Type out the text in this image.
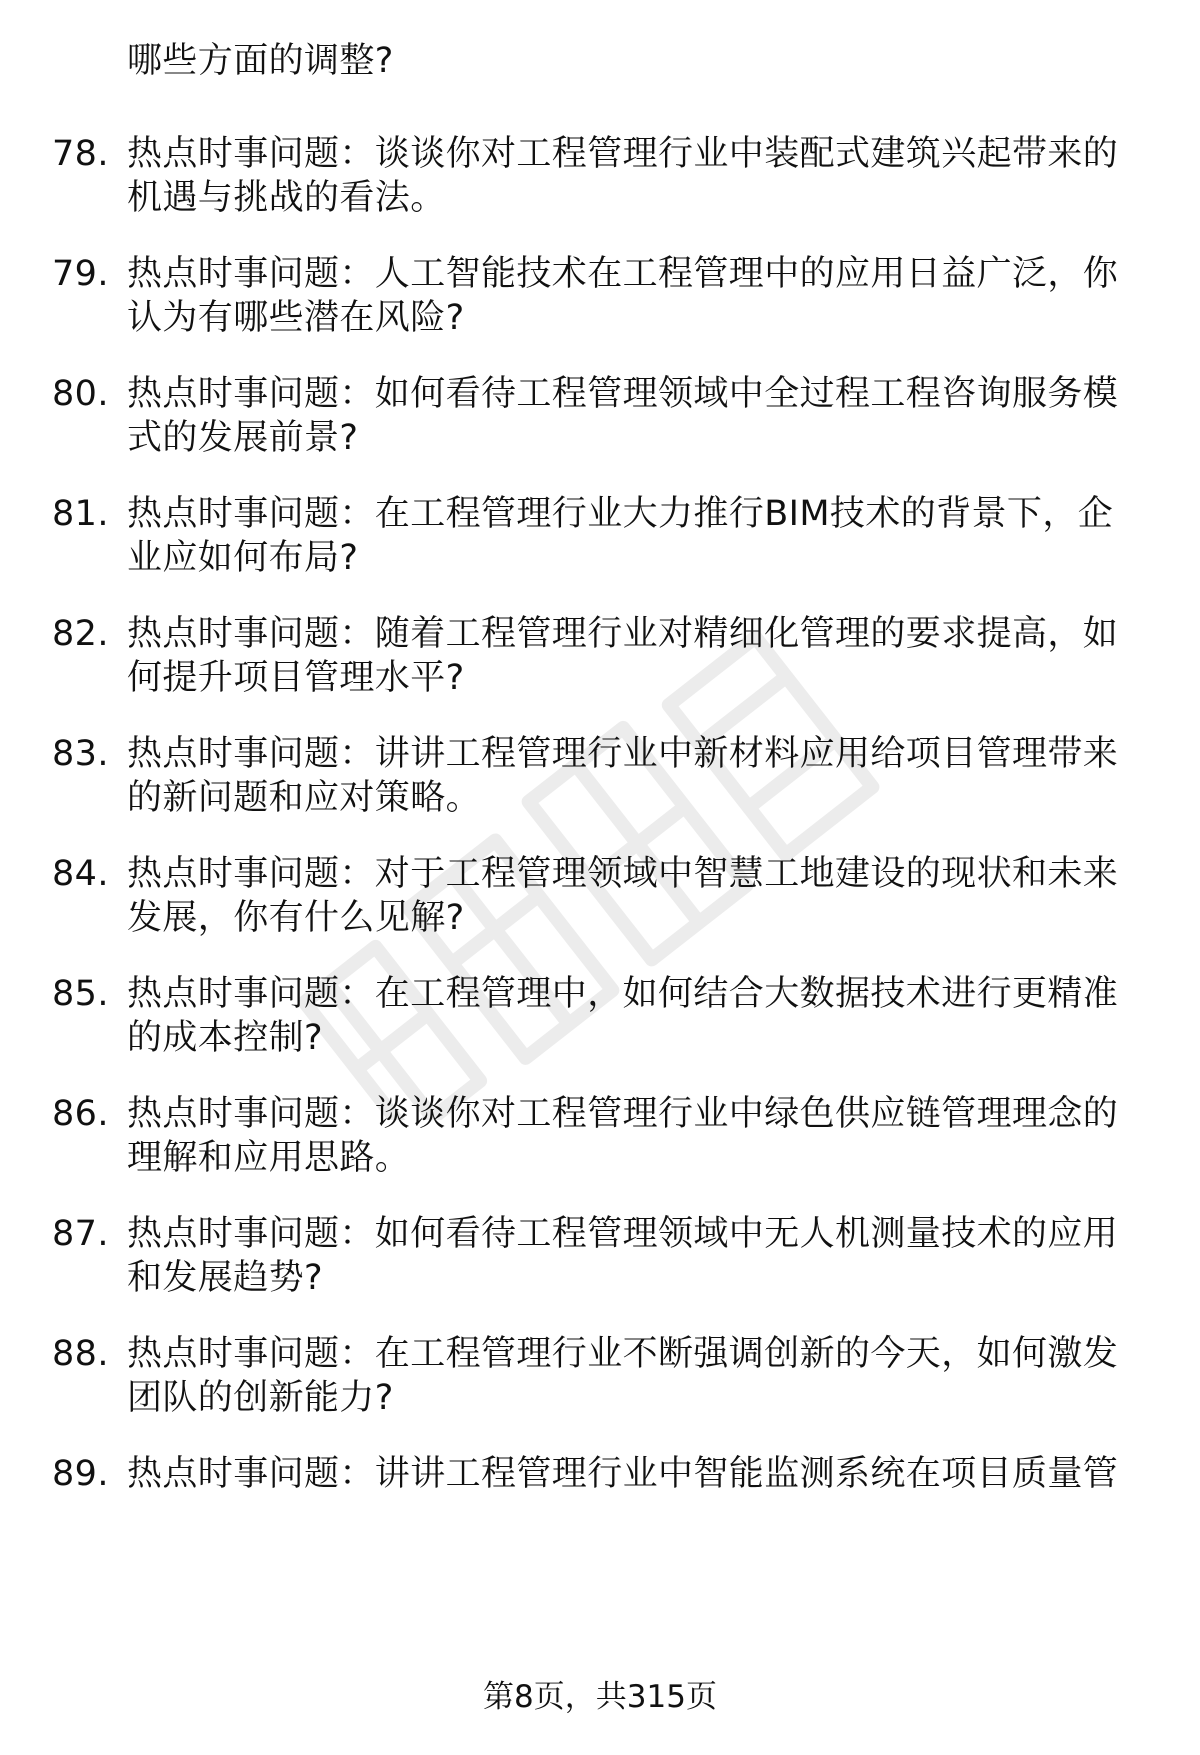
哪些方面的调整?
78. 热点时事问题：谈谈你对工程管理行业中装配式建筑兴起带来的
机遇与挑战的看法。
79. 热点时事问题：人工智能技术在工程管理中的应用日益广泛，你
认为有哪些潜在风险?
80. 热点时事问题：如何看待工程管理领域中全过程工程咨询服务模
式的发展前景?
81. 热点时事问题：在工程管理行业大力推行BIM技术的背景下，企
业应如何布局?
82. 热点时事问题：随着工程管理行业对精细化管理的要求提高，如
何提升项目管理水平?
83. 热点时事问题：讲讲工程管理行业中新材料应用给项目管理带来
的新问题和应对策略。
84. 热点时事问题：对于工程管理领域中智慧工地建设的现状和未来
发展，你有什么见解?
85. 热点时事问题：在工程管理中，如何结合大数据技术进行更精准
的成本控制?
86. 热点时事问题：谈谈你对工程管理行业中绿色供应链管理理念的
理解和应用思路。
87. 热点时事问题：如何看待工程管理领域中无人机测量技术的应用
和发展趋势?
88. 热点时事问题：在工程管理行业不断强调创新的今天，如何激发
团队的创新能力?
89. 热点时事问题：讲讲工程管理行业中智能监测系统在项目质量管
第8页，共315页
